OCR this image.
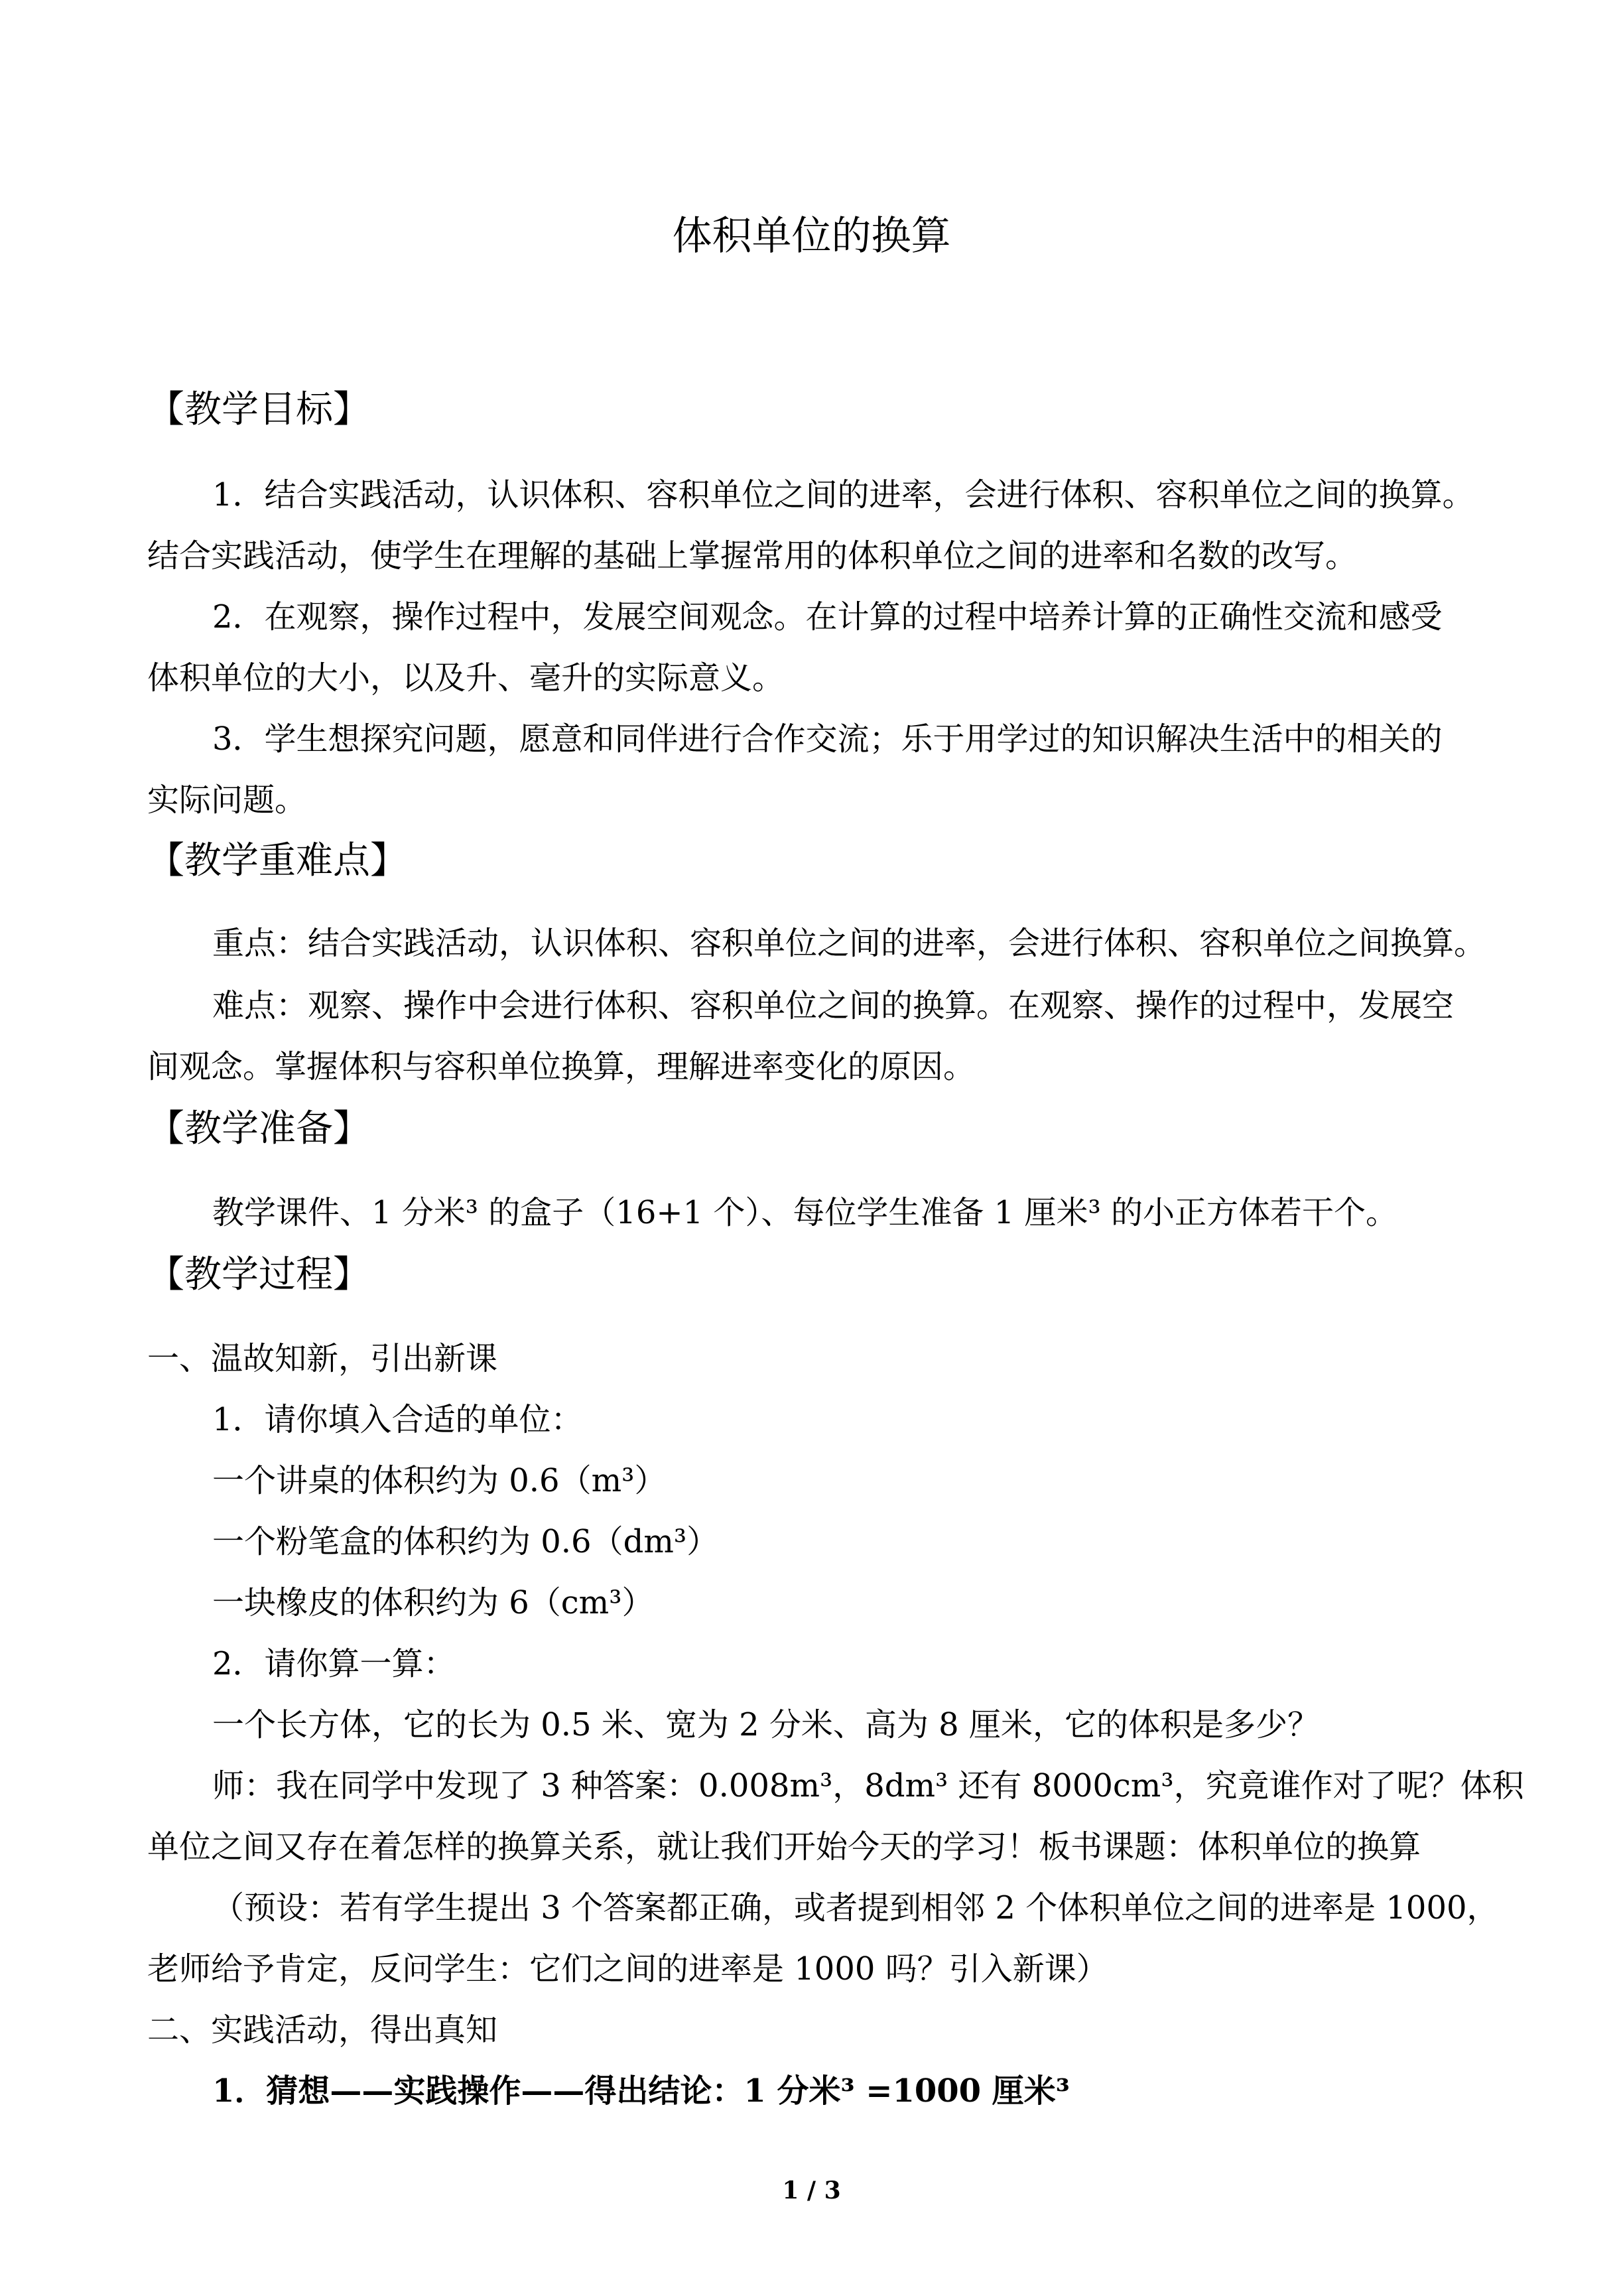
体积单位的换算
【教学目标】
1．结合实践活动，认识体积、容积单位之间的进率，会进行体积、容积单位之间的换算。
结合实践活动，使学生在理解的基础上掌握常用的体积单位之间的进率和名数的改写。
2．在观察，操作过程中，发展空间观念。在计算的过程中培养计算的正确性交流和感受
体积单位的大小，以及升、毫升的实际意义。
3．学生想探究问题，愿意和同伴进行合作交流；乐于用学过的知识解决生活中的相关的
实际问题。
【教学重难点】
重点：结合实践活动，认识体积、容积单位之间的进率，会进行体积、容积单位之间换算。
难点：观察、操作中会进行体积、容积单位之间的换算。在观察、操作的过程中，发展空
间观念。掌握体积与容积单位换算，理解进率变化的原因。
【教学准备】
教学课件、1 分米³ 的盒子（16+1 个）、每位学生准备 1 厘米³ 的小正方体若干个。
【教学过程】
一、温故知新，引出新课
1．请你填入合适的单位：
一个讲桌的体积约为 0.6（m³）
一个粉笔盒的体积约为 0.6（dm³）
一块橡皮的体积约为 6（cm³）
2．请你算一算：
一个长方体，它的长为 0.5 米、宽为 2 分米、高为 8 厘米，它的体积是多少？
师：我在同学中发现了 3 种答案：0.008m³，8dm³ 还有 8000cm³，究竟谁作对了呢？体积
单位之间又存在着怎样的换算关系，就让我们开始今天的学习！板书课题：体积单位的换算
（预设：若有学生提出 3 个答案都正确，或者提到相邻 2 个体积单位之间的进率是 1000，
老师给予肯定，反问学生：它们之间的进率是 1000 吗？引入新课）
二、实践活动，得出真知
1．猜想——实践操作——得出结论：1 分米³ =1000 厘米³
1 / 3
